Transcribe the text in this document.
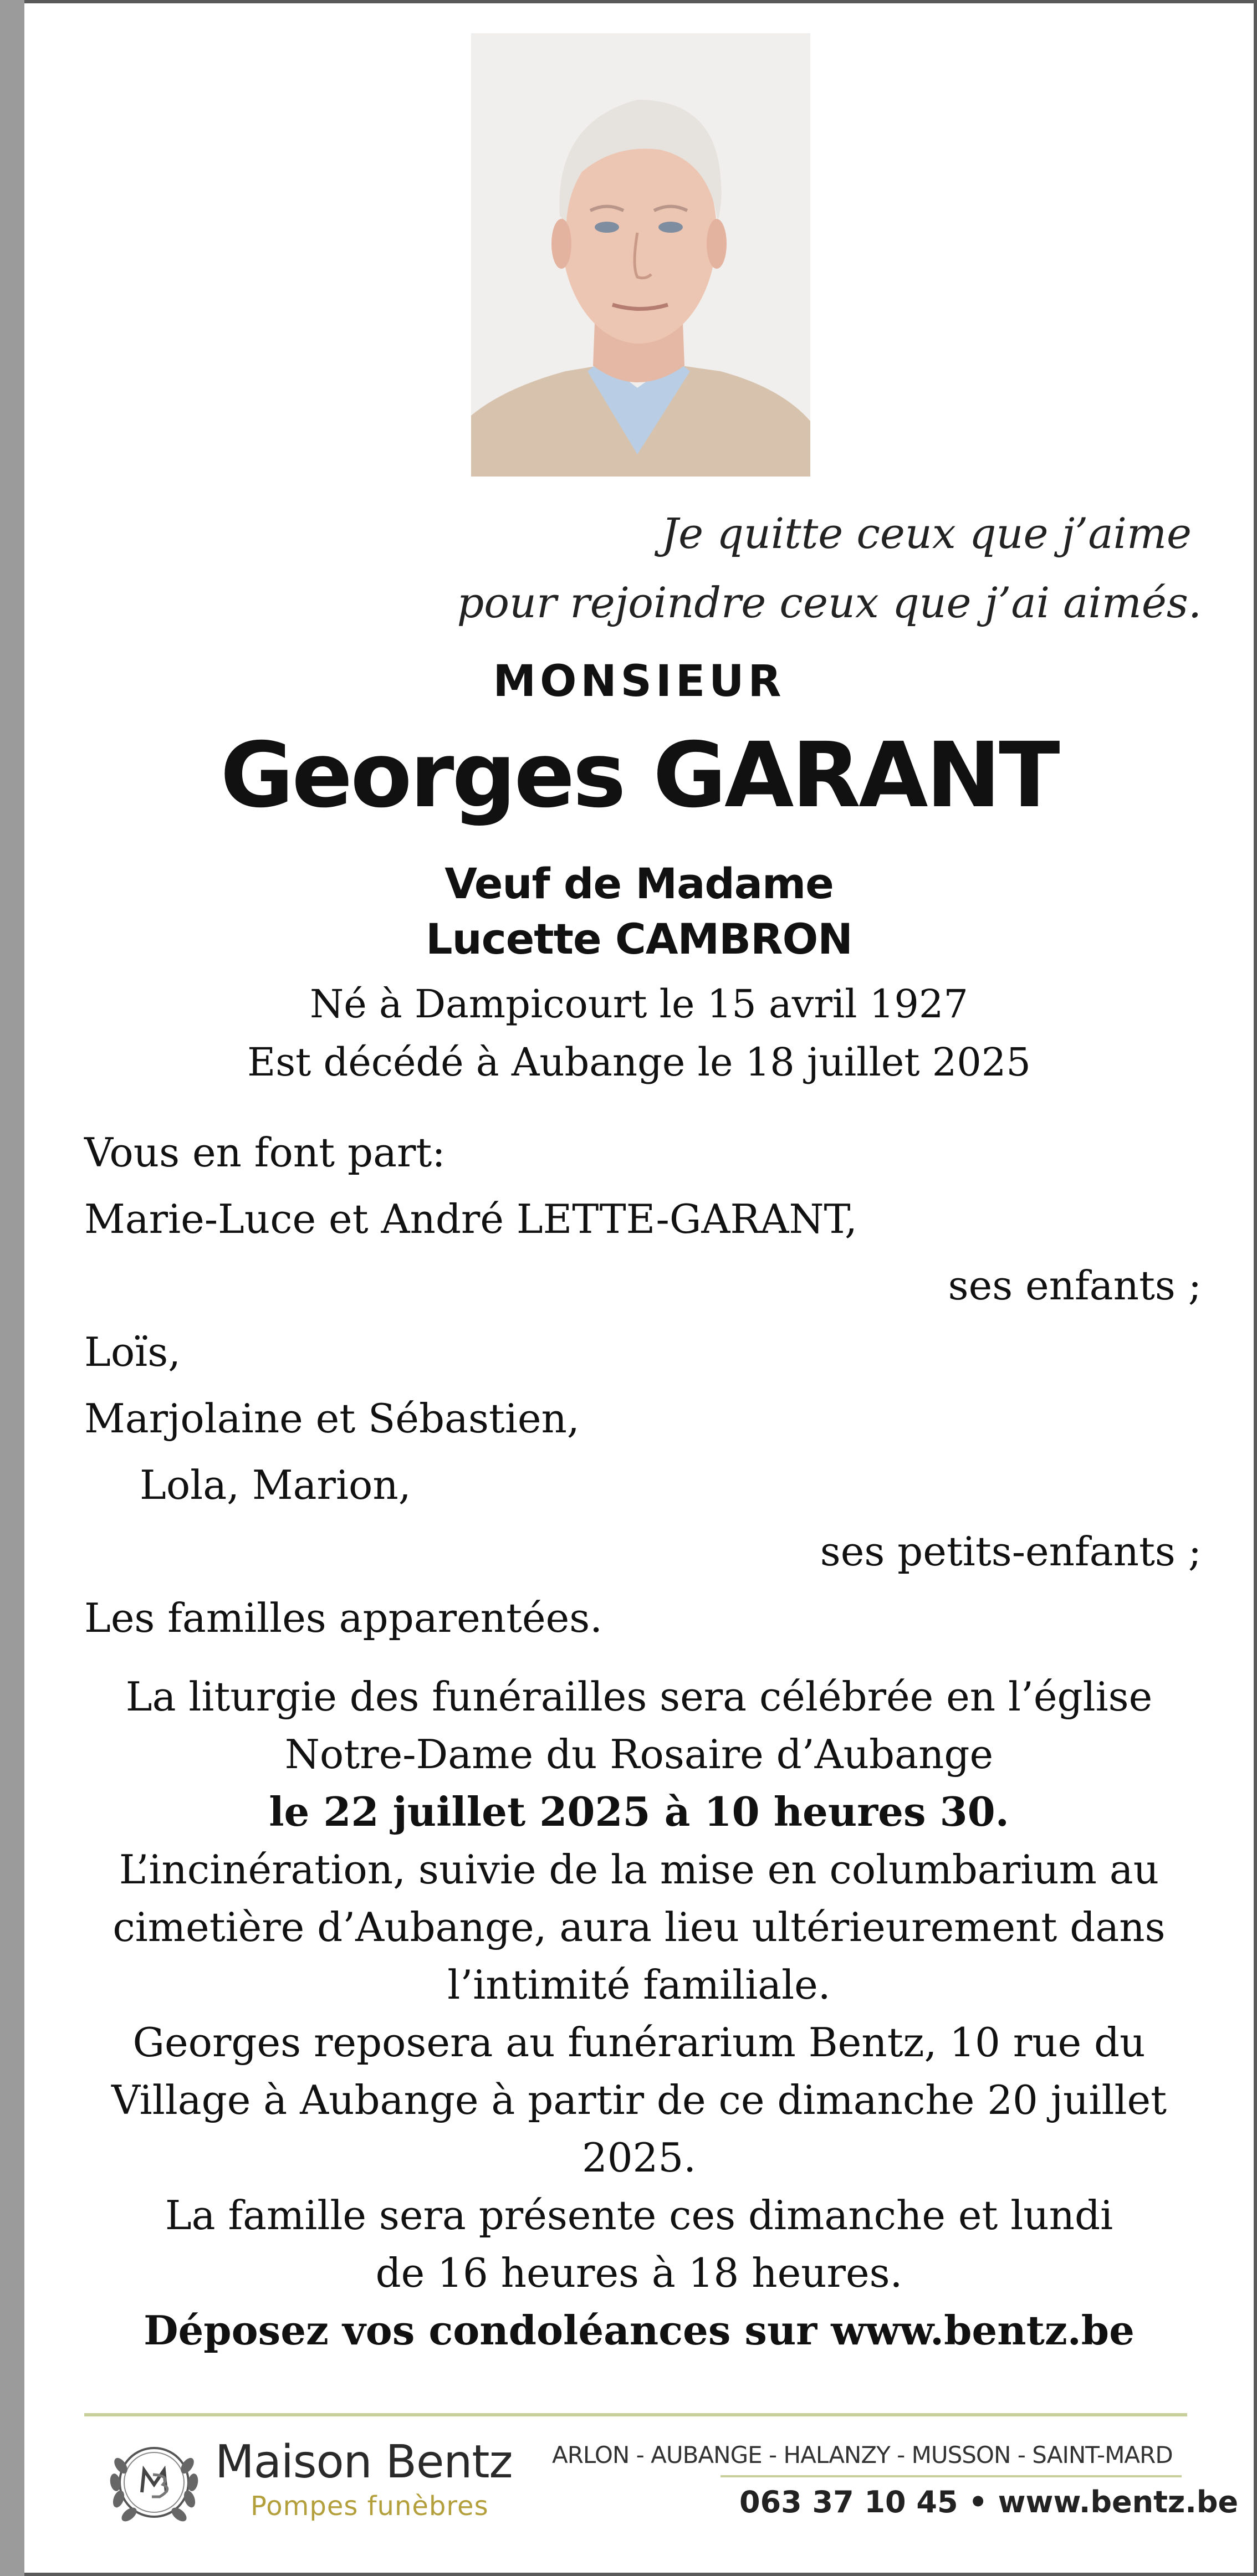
Je quitte ceux que j’aime
pour rejoindre ceux que j’ai aimés.
MONSIEUR
Georges GARANT
Veuf de Madame
Lucette CAMBRON
Né à Dampicourt le 15 avril 1927
Est décédé à Aubange le 18 juillet 2025
Vous en font part:
Marie-Luce et André LETTE-GARANT,
ses enfants ;
Loïs,
Marjolaine et Sébastien,
Lola, Marion,
ses petits-enfants ;
Les familles apparentées.
La liturgie des funérailles sera célébrée en l’église
Notre-Dame du Rosaire d’Aubange
le 22 juillet 2025 à 10 heures 30.
L’incinération, suivie de la mise en columbarium au
cimetière d’Aubange, aura lieu ultérieurement dans
l’intimité familiale.
Georges reposera au funérarium Bentz, 10 rue du
Village à Aubange à partir de ce dimanche 20 juillet
2025.
La famille sera présente ces dimanche et lundi
de 16 heures à 18 heures.
Déposez vos condoléances sur www.bentz.be
Maison Bentz
Pompes funèbres
ARLON - AUBANGE - HALANZY - MUSSON - SAINT-MARD
063 37 10 45 • www.bentz.be
